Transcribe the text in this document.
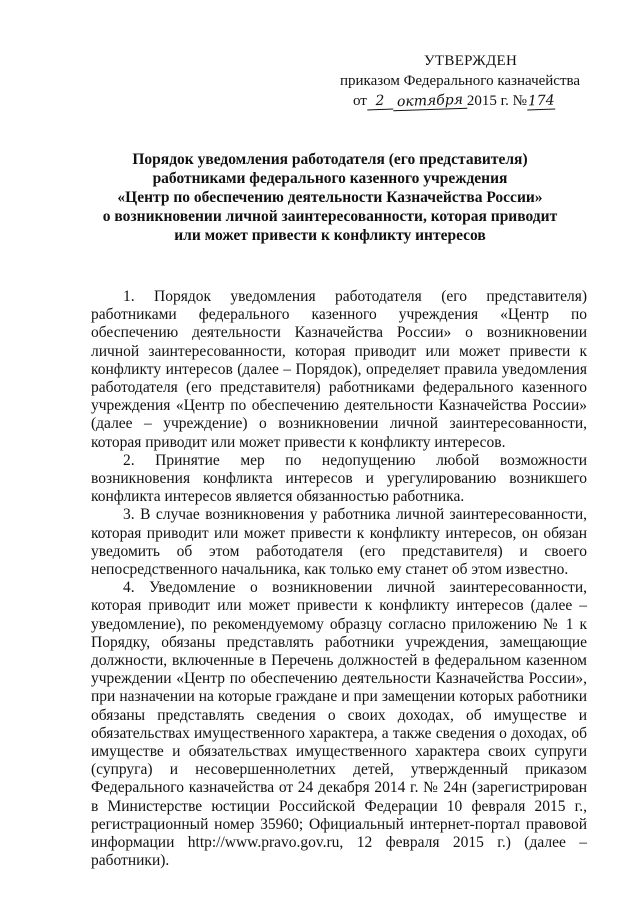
УТВЕРЖДЕН
приказом Федерального казначейства
от 2 октября 2015 г. №174
Порядок уведомления работодателя (его представителя)
работниками федерального казенного учреждения
«Центр по обеспечению деятельности Казначейства России»
о возникновении личной заинтересованности, которая приводит
или может привести к конфликту интересов

1. Порядок уведомления работодателя (его представителя) работниками федерального казенного учреждения «Центр по обеспечению деятельности Казначейства России» о возникновении личной заинтересованности, которая приводит или может привести к конфликту интересов (далее – Порядок), определяет правила уведомления работодателя (его представителя) работниками федерального казенного учреждения «Центр по обеспечению деятельности Казначейства России» (далее – учреждение) о возникновении личной заинтересованности, которая приводит или может привести к конфликту интересов.

2. Принятие мер по недопущению любой возможности возникновения конфликта интересов и урегулированию возникшего конфликта интересов является обязанностью работника.

3. В случае возникновения у работника личной заинтересованности, которая приводит или может привести к конфликту интересов, он обязан уведомить об этом работодателя (его представителя) и своего непосредственного начальника, как только ему станет об этом известно.

4. Уведомление о возникновении личной заинтересованности, которая приводит или может привести к конфликту интересов (далее – уведомление), по рекомендуемому образцу согласно приложению № 1 к Порядку, обязаны представлять работники учреждения, замещающие должности, включенные в Перечень должностей в федеральном казенном учреждении «Центр по обеспечению деятельности Казначейства России», при назначении на которые граждане и при замещении которых работники обязаны представлять сведения о своих доходах, об имуществе и обязательствах имущественного характера, а также сведения о доходах, об имуществе и обязательствах имущественного характера своих супруги (супруга) и несовершеннолетних детей, утвержденный приказом Федерального казначейства от 24 декабря 2014 г. № 24н (зарегистрирован в Министерстве юстиции Российской Федерации 10 февраля 2015 г., регистрационный номер 35960; Официальный интернет-портал правовой информации http://www.pravo.gov.ru, 12 февраля 2015 г.) (далее – работники).
